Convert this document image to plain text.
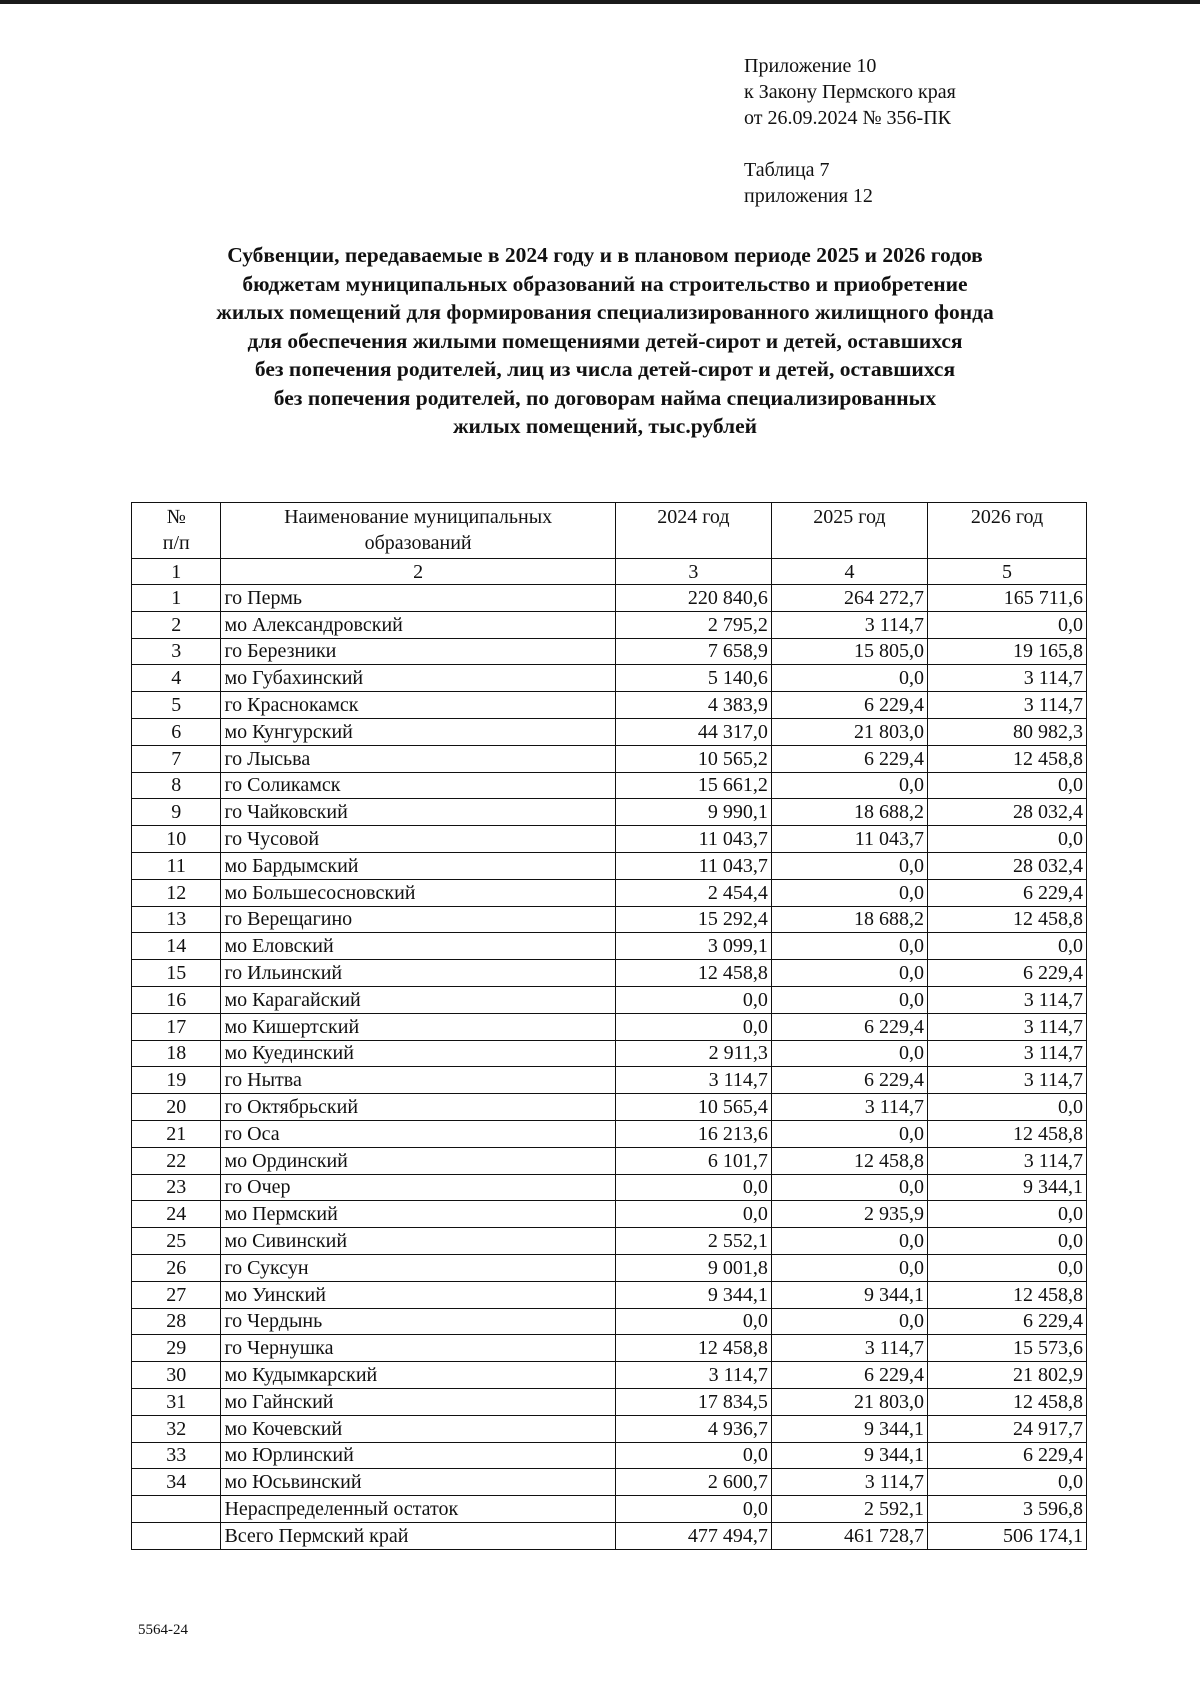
Приложение 10
к Закону Пермского края
от 26.09.2024 № 356-ПК
Таблица 7
приложения 12
Субвенции, передаваемые в 2024 году и в плановом периоде 2025 и 2026 годов
бюджетам муниципальных образований на строительство и приобретение
жилых помещений для формирования специализированного жилищного фонда
для обеспечения жилыми помещениями детей-сирот и детей, оставшихся
без попечения родителей, лиц из числа детей-сирот и детей, оставшихся
без попечения родителей, по договорам найма специализированных
жилых помещений, тыс.рублей
№
п/п	Наименование муниципальных образований	2024 год	2025 год	2026 год
1	2	3	4	5
1	го Пермь	220 840,6	264 272,7	165 711,6
2	мо Александровский	2 795,2	3 114,7	0,0
3	го Березники	7 658,9	15 805,0	19 165,8
4	мо Губахинский	5 140,6	0,0	3 114,7
5	го Краснокамск	4 383,9	6 229,4	3 114,7
6	мо Кунгурский	44 317,0	21 803,0	80 982,3
7	го Лысьва	10 565,2	6 229,4	12 458,8
8	го Соликамск	15 661,2	0,0	0,0
9	го Чайковский	9 990,1	18 688,2	28 032,4
10	го Чусовой	11 043,7	11 043,7	0,0
11	мо Бардымский	11 043,7	0,0	28 032,4
12	мо Большесосновский	2 454,4	0,0	6 229,4
13	го Верещагино	15 292,4	18 688,2	12 458,8
14	мо Еловский	3 099,1	0,0	0,0
15	го Ильинский	12 458,8	0,0	6 229,4
16	мо Карагайский	0,0	0,0	3 114,7
17	мо Кишертский	0,0	6 229,4	3 114,7
18	мо Куединский	2 911,3	0,0	3 114,7
19	го Нытва	3 114,7	6 229,4	3 114,7
20	го Октябрьский	10 565,4	3 114,7	0,0
21	го Оса	16 213,6	0,0	12 458,8
22	мо Ординский	6 101,7	12 458,8	3 114,7
23	го Очер	0,0	0,0	9 344,1
24	мо Пермский	0,0	2 935,9	0,0
25	мо Сивинский	2 552,1	0,0	0,0
26	го Суксун	9 001,8	0,0	0,0
27	мо Уинский	9 344,1	9 344,1	12 458,8
28	го Чердынь	0,0	0,0	6 229,4
29	го Чернушка	12 458,8	3 114,7	15 573,6
30	мо Кудымкарский	3 114,7	6 229,4	21 802,9
31	мо Гайнский	17 834,5	21 803,0	12 458,8
32	мо Кочевский	4 936,7	9 344,1	24 917,7
33	мо Юрлинский	0,0	9 344,1	6 229,4
34	мо Юсьвинский	2 600,7	3 114,7	0,0
	Нераспределенный остаток	0,0	2 592,1	3 596,8
	Всего Пермский край	477 494,7	461 728,7	506 174,1
5564-24
